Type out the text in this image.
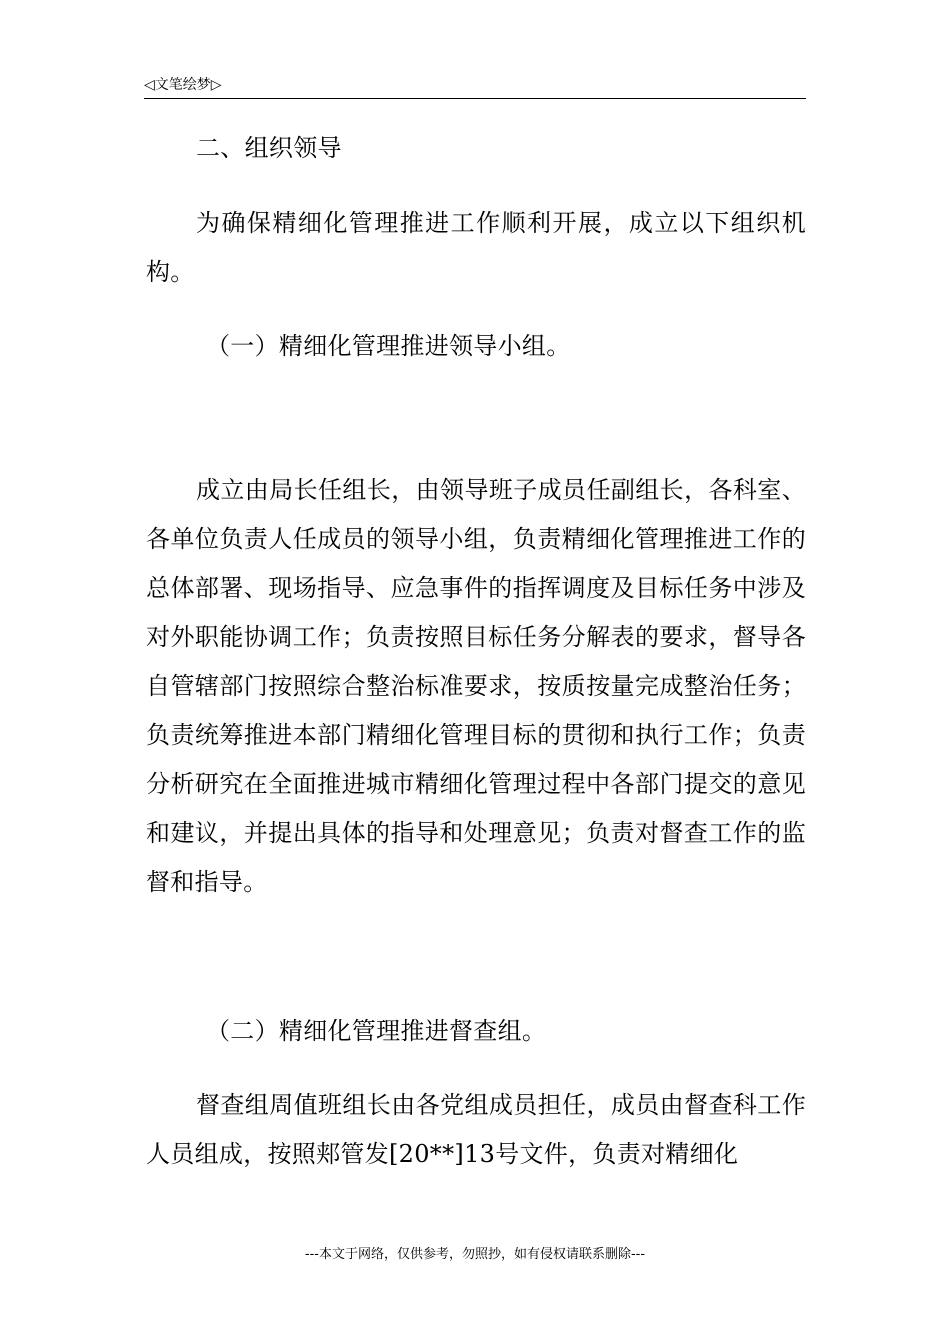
◁ 文笔绘梦 ▷

二、组织领导

为确保精细化管理推进工作顺利开展，成立以下组织机构。

（一）精细化管理推进领导小组。

成立由局长任组长，由领导班子成员任副组长，各科室、各单位负责人任成员的领导小组，负责精细化管理推进工作的总体部署、现场指导、应急事件的指挥调度及目标任务中涉及对外职能协调工作；负责按照目标任务分解表的要求，督导各自管辖部门按照综合整治标准要求，按质按量完成整治任务；负责统筹推进本部门精细化管理目标的贯彻和执行工作；负责分析研究在全面推进城市精细化管理过程中各部门提交的意见和建议，并提出具体的指导和处理意见；负责对督查工作的监督和指导。

（二）精细化管理推进督查组。

督查组周值班组长由各党组成员担任，成员由督查科工作人员组成，按照郏管发[20**]13号文件，负责对精细化

---本文于网络，仅供参考，勿照抄，如有侵权请联系删除---
